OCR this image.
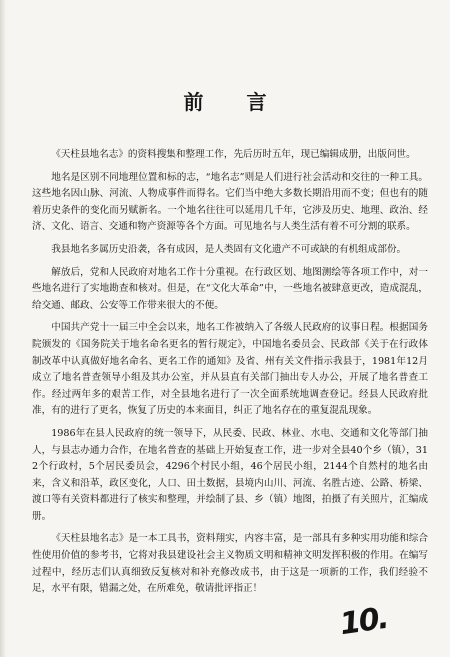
前 言

《天柱县地名志》的资料搜集和整理工作，先后历时五年，现已编辑成册，出版问世。

地名是区别不同地理位置和标的志，“地名志”则是人们进行社会活动和交往的一种工具。这些地名因山脉、河流、人物成事件而得名。它们当中绝大多数长期沿用而不变；但也有的随着历史条件的变化而另赋新名。一个地名往往可以延用几千年，它涉及历史、地理、政治、经济、文化、语言、交通和物产资源等各个方面。可见地名与人类生活有着不可分割的联系。

我县地名多属历史沿袭，各有成因，是人类固有文化遗产不可或缺的有机组成部份。

解放后，党和人民政府对地名工作十分重视。在行政区划、地图测绘等各项工作中，对一些地名进行了实地勘查和核对。但是，在“文化大革命”中，一些地名被肆意更改，造成混乱，给交通、邮政、公安等工作带来很大的不便。

中国共产党十一届三中全会以来，地名工作被纳入了各级人民政府的议事日程。根据国务院颁发的《国务院关于地名命名更名的暂行规定》，中国地名委员会、民政部《关于在行政体制改革中认真做好地名命名、更名工作的通知》及省、州有关文件指示我县于，1981年12月成立了地名普查领导小组及其办公室，并从县直有关部门抽出专人办公，开展了地名普查工作。经过两年多的艰苦工作，对全县地名进行了一次全面系统地调查登记。经县人民政府批准，有的进行了更名，恢复了历史的本来面目，纠正了地名存在的重复混乱现象。

1986年在县人民政府的统一领导下，从民委、民政、林业、水电、交通和文化等部门抽人，与县志办通力合作，在地名普查的基础上开始复查工作，进一步对全县40个乡（镇），312个行政村，5个居民委员会，4296个村民小组，46个居民小组，2144个自然村的地名由来，含义和沿革，政区变化，人口、田土数据，县境内山川、河流、名胜古迹、公路、桥梁、渡口等有关资料都进行了核实和整理，并绘制了县、乡（镇）地图，拍摄了有关照片，汇编成册。

《天柱县地名志》是一本工具书，资料翔实，内容丰富，是一部具有多种实用功能和综合性使用价值的参考书，它将对我县建设社会主义物质文明和精神文明发挥积极的作用。在编写过程中，经历志们认真细致反复核对和补充修改成书，由于这是一项新的工作，我们经验不足，水平有限，错漏之处，在所难免，敬请批评指正！

10.
